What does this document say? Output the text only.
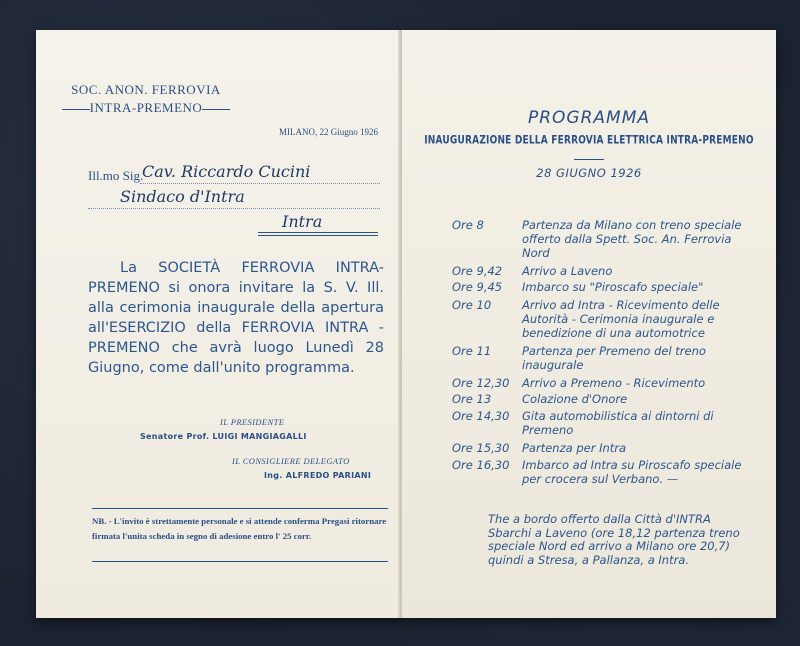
SOC. ANON. FERROVIA
INTRA-PREMENO
MILANO, 22 Giugno 1926
Ill.mo Sig.
Cav. Riccardo Cucini
Sindaco d'Intra
Intra

La SOCIETÀ FERROVIA INTRA-PREMENO si onora invitare la S. V. Ill. alla cerimonia inaugurale della apertura all'ESERCIZIO della FERROVIA INTRA - PREMENO che avrà luogo Lunedì 28 Giugno, come dall'unito programma.

IL PRESIDENTE
Senatore Prof. LUIGI MANGIAGALLI
IL CONSIGLIERE DELEGATO
Ing. ALFREDO PARIANI
NB. - L'invito è strettamente personale e si attende conferma Pregasi ritornare firmata l'unita scheda in segno di adesione entro l' 25 corr.
PROGRAMMA
INAUGURAZIONE DELLA FERROVIA ELETTRICA INTRA-PREMENO
28 GIUGNO 1926
Ore 8	Partenza da Milano con treno speciale offerto dalla Spett. Soc. An. Ferrovia Nord
Ore 9,42 Arrivo a Laveno
Ore 9,45 Imbarco su "Piroscafo speciale"
Ore 10	Arrivo ad Intra - Ricevimento delle Autorità - Cerimonia inaugurale e benedizione di una automotrice
Ore 11	Partenza per Premeno del treno inaugurale
Ore 12,30 Arrivo a Premeno - Ricevimento
Ore 13	Colazione d'Onore
Ore 14,30 Gita automobilistica ai dintorni di Premeno
Ore 15,30 Partenza per Intra
Ore 16,30 Imbarco ad Intra su Piroscafo speciale per crocera sul Verbano. —
The a bordo offerto dalla Città d'INTRA Sbarchi a Laveno (ore 18,12 partenza treno speciale Nord ed arrivo a Milano ore 20,7) quindi a Stresa, a Pallanza, a Intra.
